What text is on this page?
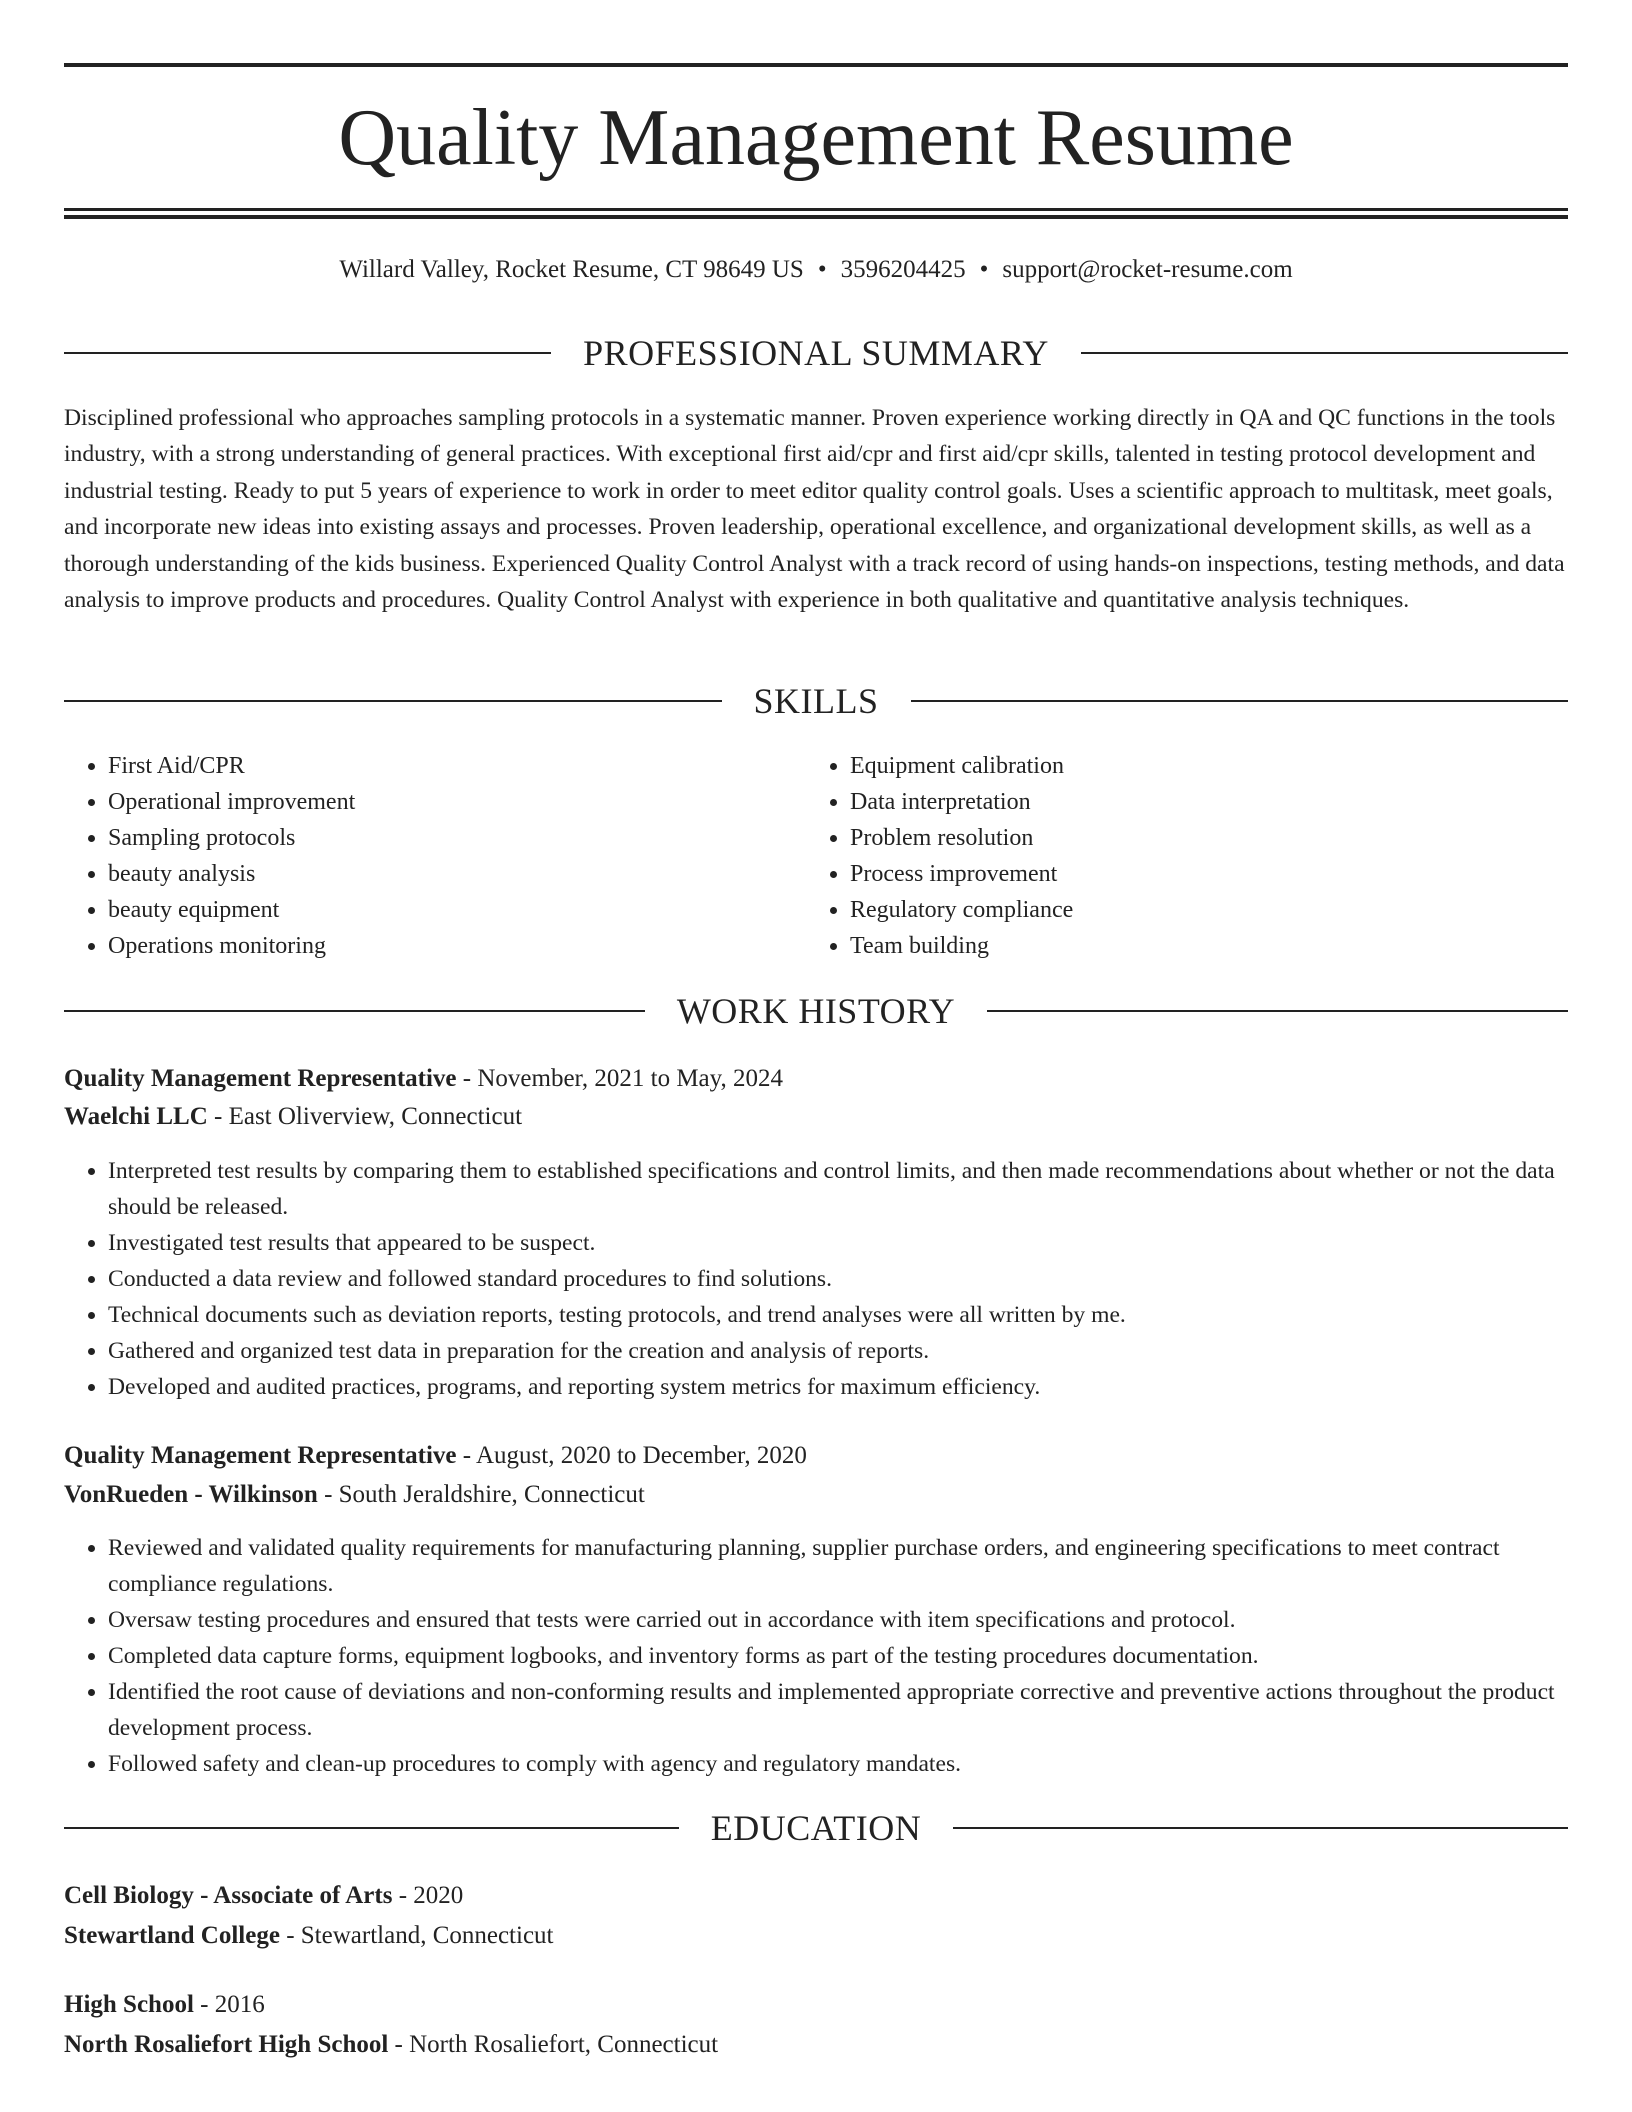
Quality Management Resume
Willard Valley, Rocket Resume, CT 98649 US • 3596204425 • support@rocket-resume.com
PROFESSIONAL SUMMARY

Disciplined professional who approaches sampling protocols in a systematic manner. Proven experience working directly in QA and QC functions in the tools industry, with a strong understanding of general practices. With exceptional first aid/cpr and first aid/cpr skills, talented in testing protocol development and industrial testing. Ready to put 5 years of experience to work in order to meet editor quality control goals. Uses a scientific approach to multitask, meet goals, and incorporate new ideas into existing assays and processes. Proven leadership, operational excellence, and organizational development skills, as well as a thorough understanding of the kids business. Experienced Quality Control Analyst with a track record of using hands-on inspections, testing methods, and data analysis to improve products and procedures. Quality Control Analyst with experience in both qualitative and quantitative analysis techniques.

SKILLS
• First Aid/CPR
• Operational improvement
• Sampling protocols
• beauty analysis
• beauty equipment
• Operations monitoring
• Equipment calibration
• Data interpretation
• Problem resolution
• Process improvement
• Regulatory compliance
• Team building
WORK HISTORY

Quality Management Representative - November, 2021 to May, 2024

Waelchi LLC - East Oliverview, Connecticut

• Interpreted test results by comparing them to established specifications and control limits, and then made recommendations about whether or not the data should be released.
• Investigated test results that appeared to be suspect.
• Conducted a data review and followed standard procedures to find solutions.
• Technical documents such as deviation reports, testing protocols, and trend analyses were all written by me.
• Gathered and organized test data in preparation for the creation and analysis of reports.
• Developed and audited practices, programs, and reporting system metrics for maximum efficiency.

Quality Management Representative - August, 2020 to December, 2020

VonRueden - Wilkinson - South Jeraldshire, Connecticut

• Reviewed and validated quality requirements for manufacturing planning, supplier purchase orders, and engineering specifications to meet contract compliance regulations.
• Oversaw testing procedures and ensured that tests were carried out in accordance with item specifications and protocol.
• Completed data capture forms, equipment logbooks, and inventory forms as part of the testing procedures documentation.
• Identified the root cause of deviations and non-conforming results and implemented appropriate corrective and preventive actions throughout the product development process.
• Followed safety and clean-up procedures to comply with agency and regulatory mandates.
EDUCATION

Cell Biology - Associate of Arts - 2020

Stewartland College - Stewartland, Connecticut

High School - 2016

North Rosaliefort High School - North Rosaliefort, Connecticut
